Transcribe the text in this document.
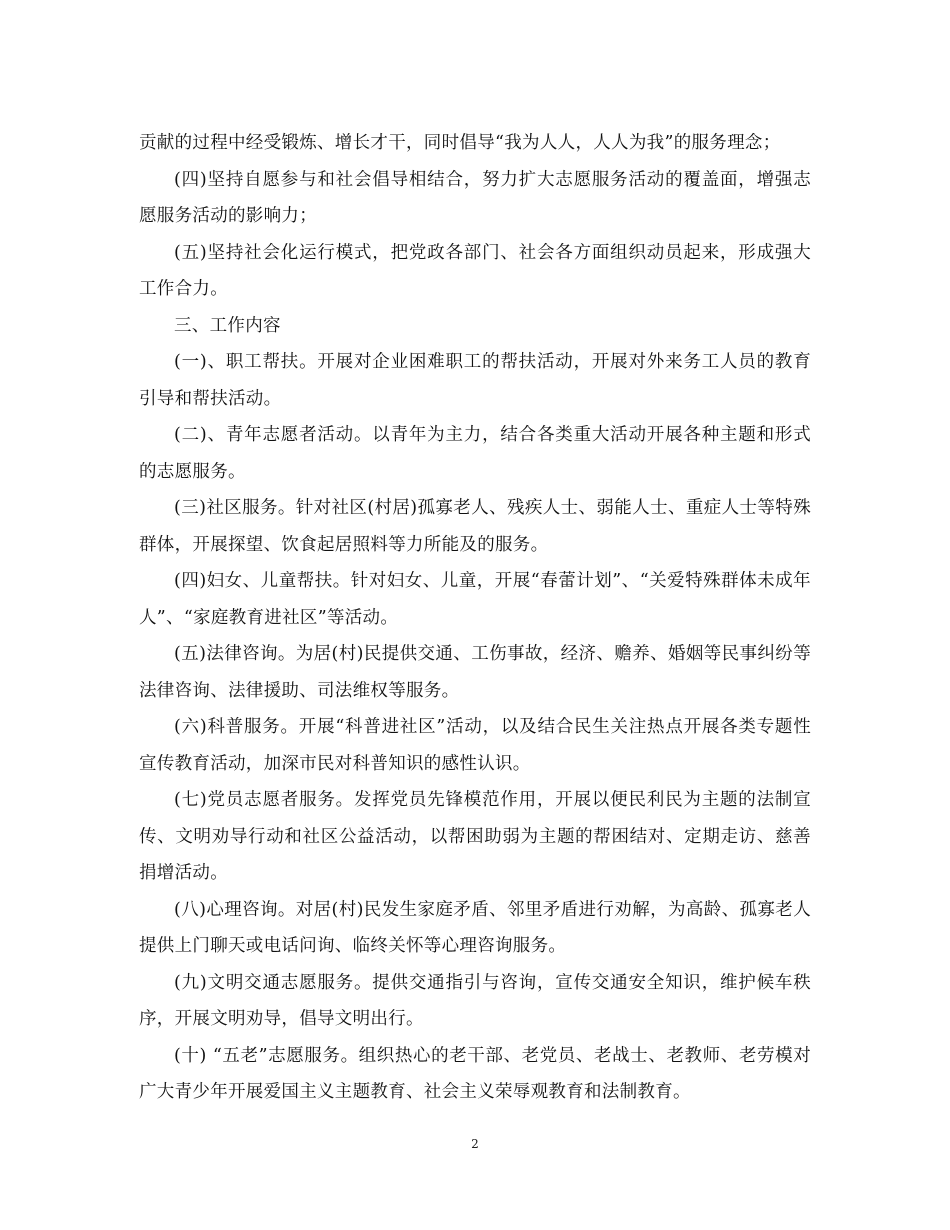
贡献的过程中经受锻炼、增长才干，同时倡导“我为人人，人人为我”的服务理念；

(四)坚持自愿参与和社会倡导相结合，努力扩大志愿服务活动的覆盖面，增强志愿服务活动的影响力；

(五)坚持社会化运行模式，把党政各部门、社会各方面组织动员起来，形成强大工作合力。

三、工作内容

(一)、职工帮扶。开展对企业困难职工的帮扶活动，开展对外来务工人员的教育引导和帮扶活动。

(二)、青年志愿者活动。以青年为主力，结合各类重大活动开展各种主题和形式的志愿服务。

(三)社区服务。针对社区(村居)孤寡老人、残疾人士、弱能人士、重症人士等特殊群体，开展探望、饮食起居照料等力所能及的服务。

(四)妇女、儿童帮扶。针对妇女、儿童，开展“春蕾计划”、“关爱特殊群体未成年人”、“家庭教育进社区”等活动。

(五)法律咨询。为居(村)民提供交通、工伤事故，经济、赡养、婚姻等民事纠纷等法律咨询、法律援助、司法维权等服务。

(六)科普服务。开展“科普进社区”活动，以及结合民生关注热点开展各类专题性宣传教育活动，加深市民对科普知识的感性认识。

(七)党员志愿者服务。发挥党员先锋模范作用，开展以便民利民为主题的法制宣传、文明劝导行动和社区公益活动，以帮困助弱为主题的帮困结对、定期走访、慈善捐增活动。

(八)心理咨询。对居(村)民发生家庭矛盾、邻里矛盾进行劝解，为高龄、孤寡老人提供上门聊天或电话问询、临终关怀等心理咨询服务。

(九)文明交通志愿服务。提供交通指引与咨询，宣传交通安全知识，维护候车秩序，开展文明劝导，倡导文明出行。

(十) “五老”志愿服务。组织热心的老干部、老党员、老战士、老教师、老劳模对广大青少年开展爱国主义主题教育、社会主义荣辱观教育和法制教育。

2
